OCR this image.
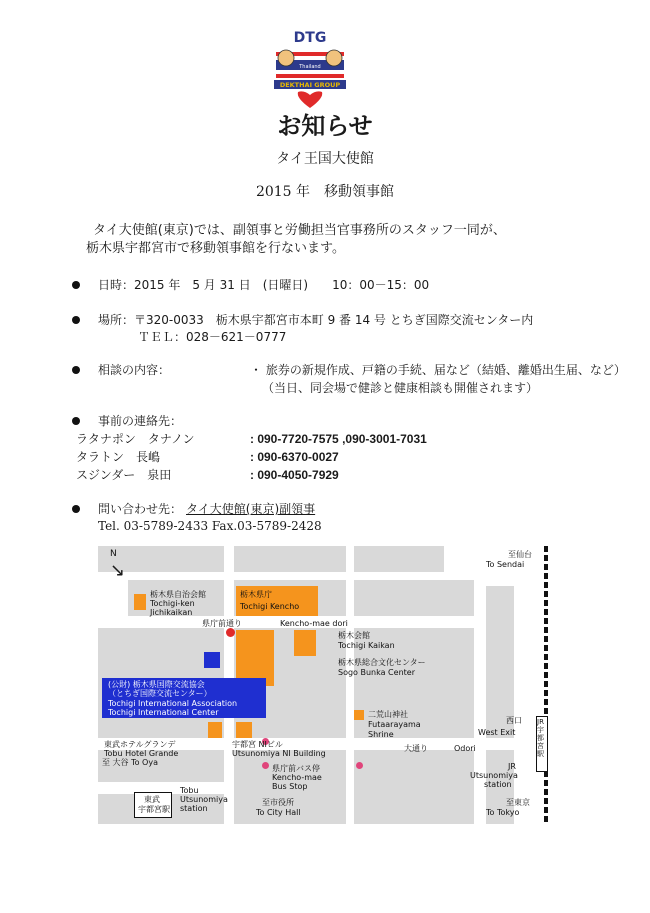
DTG
Thailand
DEKTHAI GROUP
お知らせ
タイ王国大使館
2015 年　移動領事館
タイ大使館(東京)では、副領事と労働担当官事務所のスタッフ一同が、
栃木県宇都宮市で移動領事館を行ないます。
日時：2015 年　5 月 31 日　(日曜日)　　10：00－15：00
場所：〒320-0033　栃木県宇都宮市本町 9 番 14 号 とちぎ国際交流センター内
ＴＥＬ：028－621－0777
相談の内容：	・ 旅券の新規作成、戸籍の手続、届など（結婚、離婚出生届、など）
（当日、同会場で健診と健康相談も開催されます）
事前の連絡先：
ラタナポン　タナノン	: 090-7720-7575 ,090-3001-7031
タラトン　長嶋	: 090-6370-0027
スジンダー　泉田	: 090-4050-7929
問い合わせ先： タイ大使館(東京)副領事
Tel. 03-5789-2433 Fax.03-5789-2428
JR宇都宮駅
N
↘
栃木県自治会館
Tochigi-ken
Jichikaikan
栃木県庁
Tochigi Kencho
県庁前通り	Kencho-mae dori
栃木会館
Tochigi Kaikan
栃木県総合文化センター
Sogo Bunka Center
(公財) 栃木県国際交流協会
（とちぎ国際交流センター）
Tochigi International Association
Tochigi International Center	二荒山神社
Futaarayama
Shrine
西口
West Exit
東武ホテルグランデ
Tobu Hotel Grande
宇都宮 NIビル
Utsunomiya NI Building
大通り	Odori
至 大谷 To Oya
県庁前バス停
Kencho-mae
Bus Stop
東武
宇都宮駅
Tobu
Utsunomiya
station
至市役所
To City Hall
至仙台
To Sendai
JR
Utsunomiya
station
至東京
To Tokyo
